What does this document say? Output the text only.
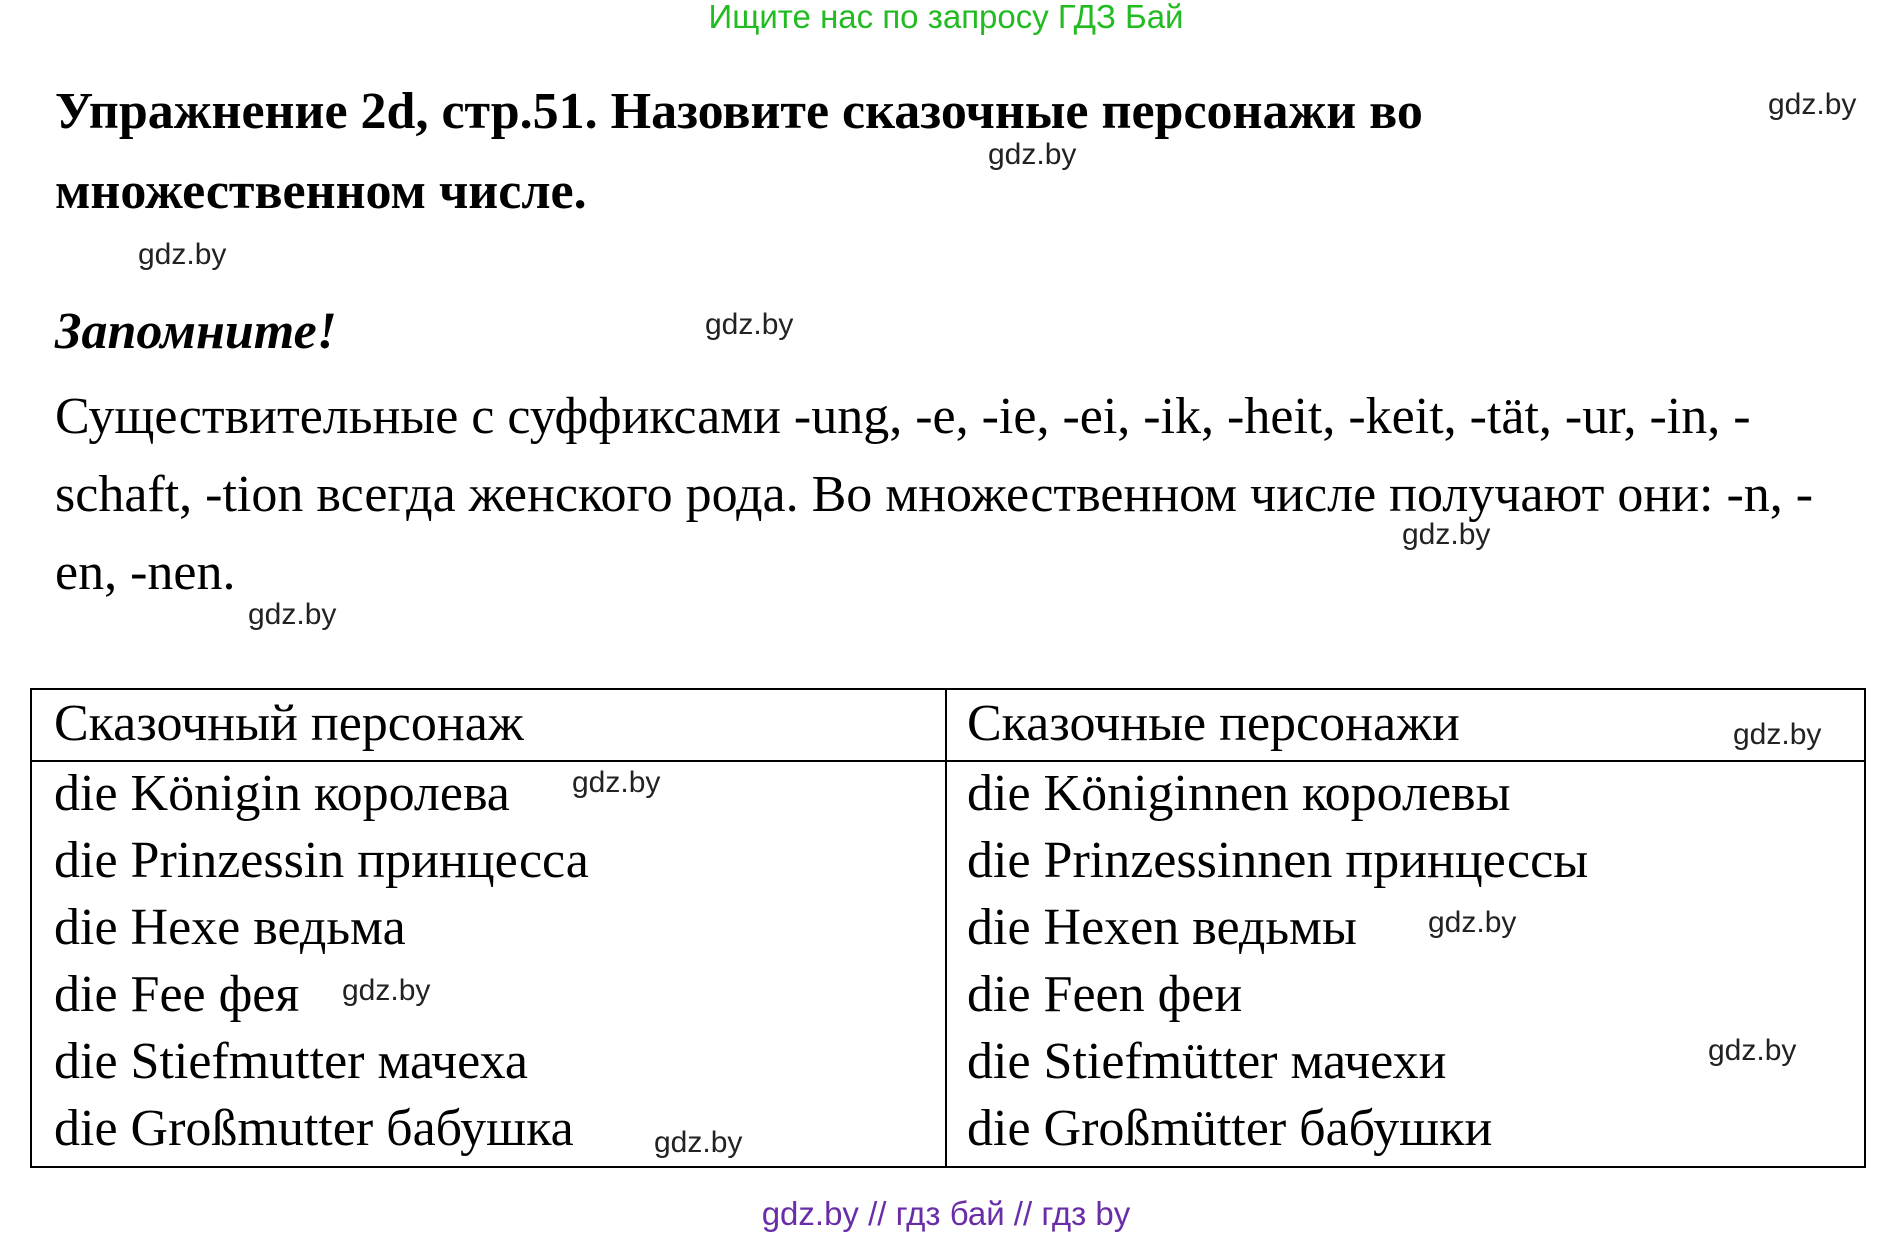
Ищите нас по запросу ГДЗ Бай
Упражнение 2d, стр.51. Назовите сказочные персонажи во множественном числе.
Запомните!
Существительные с суффиксами -ung, -e, -ie, -ei, -ik, -heit, -keit, -tät, -ur, -in, -schaft, -tion всегда женского рода. Во множественном числе получают они: -n, -en, -nen.
Сказочный персонаж	Сказочные персонажи
die Königin королева
die Prinzessin принцесса
die Hexe ведьма
die Fee фея
die Stiefmutter мачеха
die Großmutter бабушка
die Königinnen королевы
die Prinzessinnen принцессы
die Hexen ведьмы
die Feen феи
die Stiefmütter мачехи
die Großmütter бабушки
gdz.by
gdz.by
gdz.by
gdz.by
gdz.by
gdz.by
gdz.by
gdz.by
gdz.by
gdz.by
gdz.by
gdz.by
gdz.by // гдз бай // гдз by
